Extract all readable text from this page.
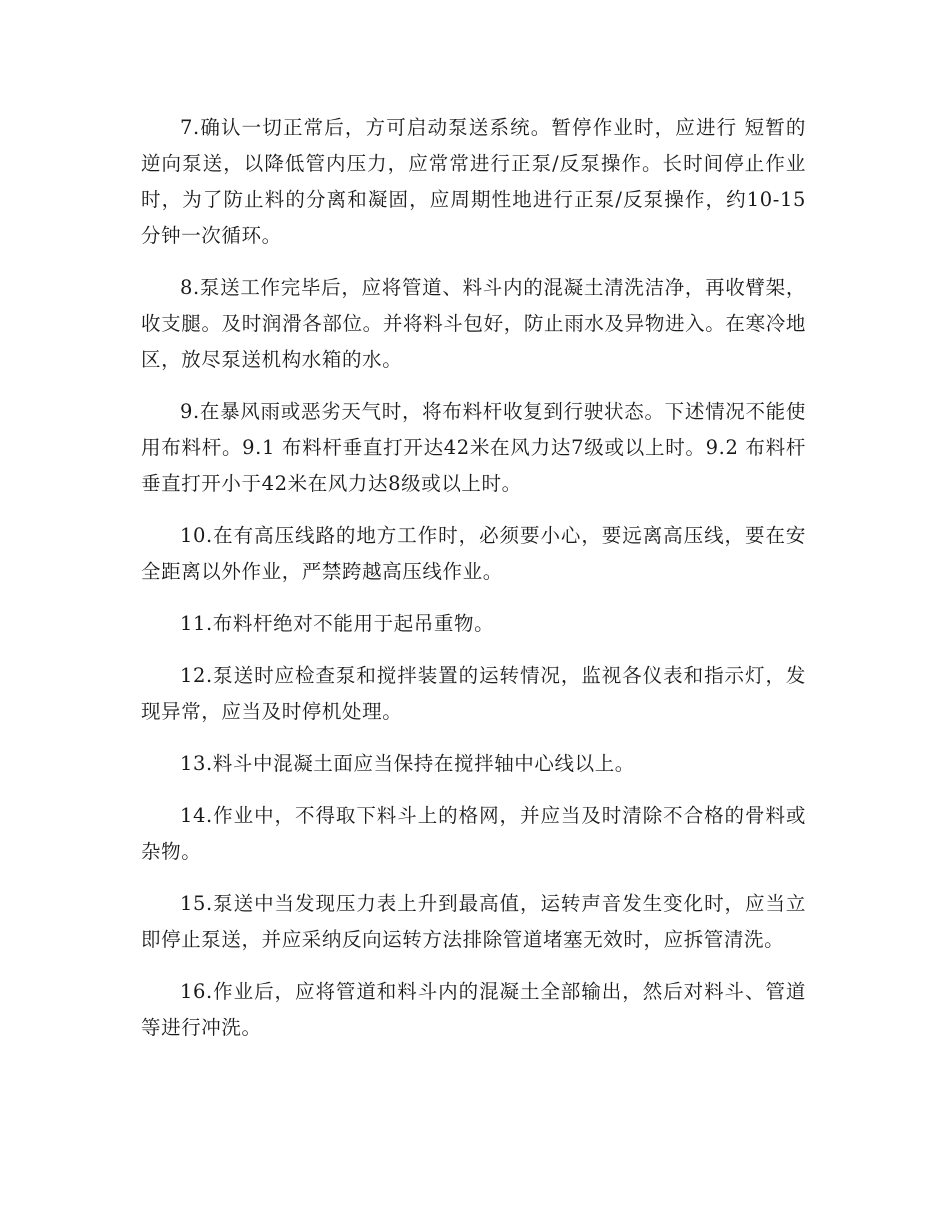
7.确认一切正常后，方可启动泵送系统。暂停作业时，应进行 短暂的逆向泵送，以降低管内压力，应常常进行正泵/反泵操作。长时间停止作业时，为了防止料的分离和凝固，应周期性地进行正泵/反泵操作，约10-15分钟一次循环。

8.泵送工作完毕后，应将管道、料斗内的混凝土清洗洁净，再收臂架，收支腿。及时润滑各部位。并将料斗包好，防止雨水及异物进入。在寒冷地区，放尽泵送机构水箱的水。

9.在暴风雨或恶劣天气时，将布料杆收复到行驶状态。下述情况不能使用布料杆。9.1 布料杆垂直打开达42米在风力达7级或以上时。9.2 布料杆垂直打开小于42米在风力达8级或以上时。

10.在有高压线路的地方工作时，必须要小心，要远离高压线，要在安全距离以外作业，严禁跨越高压线作业。

11.布料杆绝对不能用于起吊重物。

12.泵送时应检查泵和搅拌装置的运转情况，监视各仪表和指示灯，发现异常，应当及时停机处理。

13.料斗中混凝土面应当保持在搅拌轴中心线以上。

14.作业中，不得取下料斗上的格网，并应当及时清除不合格的骨料或杂物。

15.泵送中当发现压力表上升到最高值，运转声音发生变化时，应当立即停止泵送，并应采纳反向运转方法排除管道堵塞无效时，应拆管清洗。

16.作业后，应将管道和料斗内的混凝土全部输出，然后对料斗、管道等进行冲洗。
